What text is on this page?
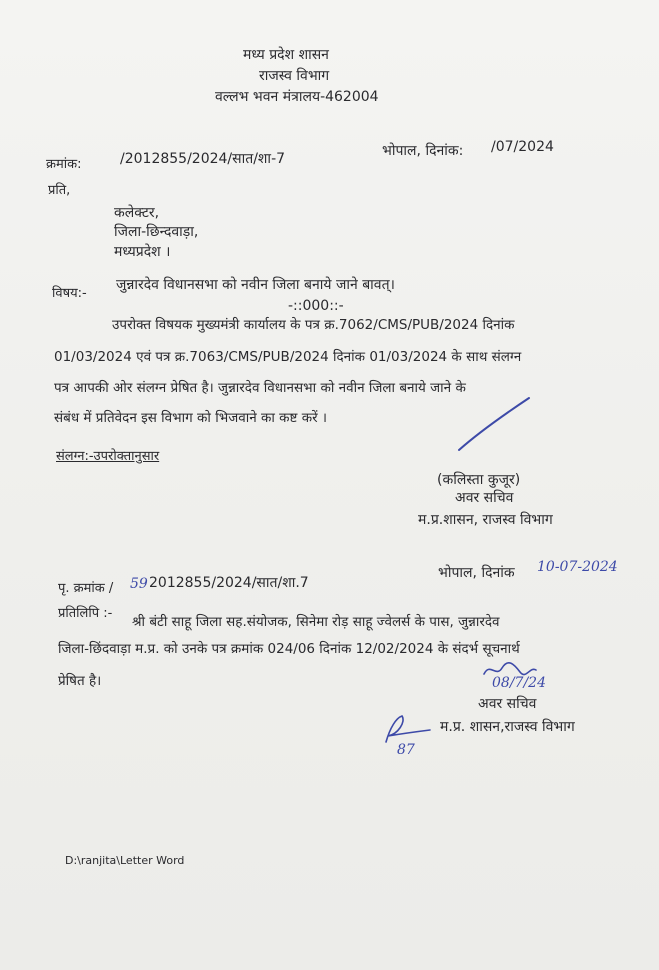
मध्य प्रदेश शासन
राजस्व विभाग
वल्लभ भवन मंत्रालय-462004
क्रमांक:	/2012855/2024/सात/शा-7	भोपाल, दिनांक: /07/2024
प्रति,
कलेक्टर,
जिला-छिन्दवाड़ा,
मध्यप्रदेश ।
विषय:-
जुन्नारदेव विधानसभा को नवीन जिला बनाये जाने बावत्।
-::000::-
उपरोक्त विषयक मुख्यमंत्री कार्यालय के पत्र क्र.7062/CMS/PUB/2024 दिनांक
01/03/2024 एवं पत्र क्र.7063/CMS/PUB/2024 दिनांक 01/03/2024 के साथ संलग्न
पत्र आपकी ओर संलग्न प्रेषित है। जुन्नारदेव विधानसभा को नवीन जिला बनाये जाने के
संबंध में प्रतिवेदन इस विभाग को भिजवाने का कष्ट करें ।
संलग्न:-उपरोक्तानुसार
(कलिस्ता कुजूर)
अवर सचिव
म.प्र.शासन, राजस्व विभाग
पृ. क्रमांक / 59 2012855/2024/सात/शा.7
भोपाल, दिनांक 10-07-2024
प्रतिलिपि :-
श्री बंटी साहू जिला सह.संयोजक, सिनेमा रोड़ साहू ज्वेलर्स के पास, जुन्नारदेव
जिला-छिंदवाड़ा म.प्र. को उनके पत्र क्रमांक 024/06 दिनांक 12/02/2024 के संदर्भ सूचनार्थ
प्रेषित है।	08/7/24
अवर सचिव
म.प्र. शासन,राजस्व विभाग
87
D:\ranjita\Letter Word
